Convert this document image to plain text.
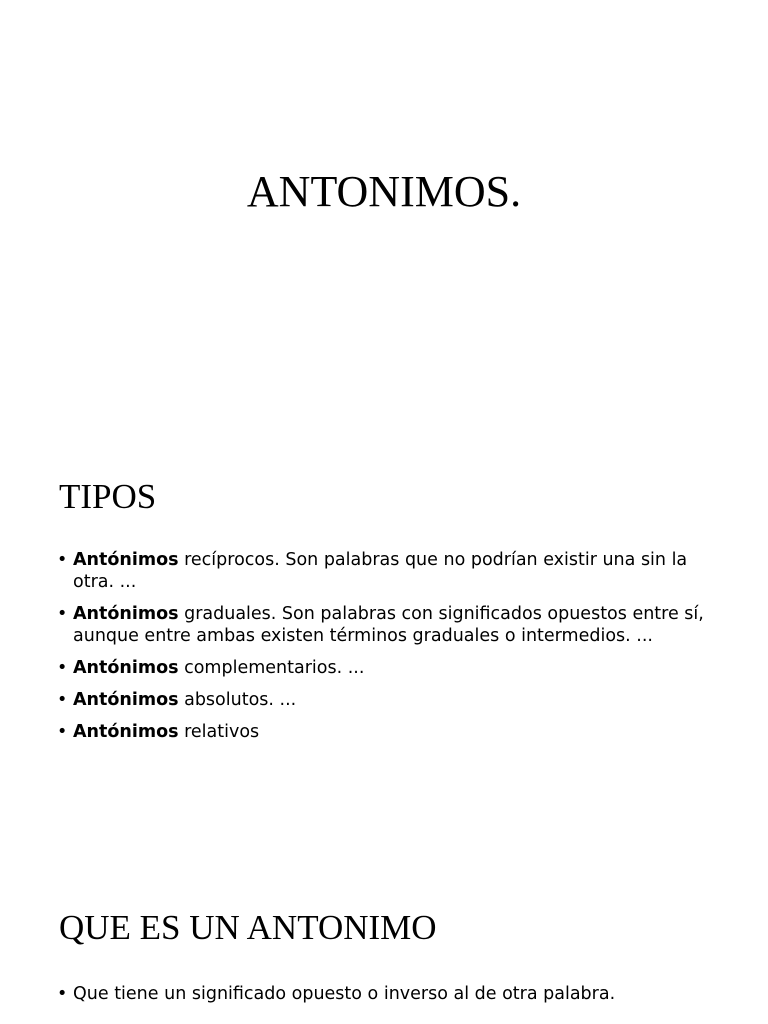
ANTONIMOS.
TIPOS
• Antónimos recíprocos. Son palabras que no podrían existir una sin la otra. ...
• Antónimos graduales. Son palabras con significados opuestos entre sí, aunque entre ambas existen términos graduales o intermedios. ...
• Antónimos complementarios. ...
• Antónimos absolutos. ...
• Antónimos relativos
QUE ES UN ANTONIMO
• Que tiene un significado opuesto o inverso al de otra palabra.
